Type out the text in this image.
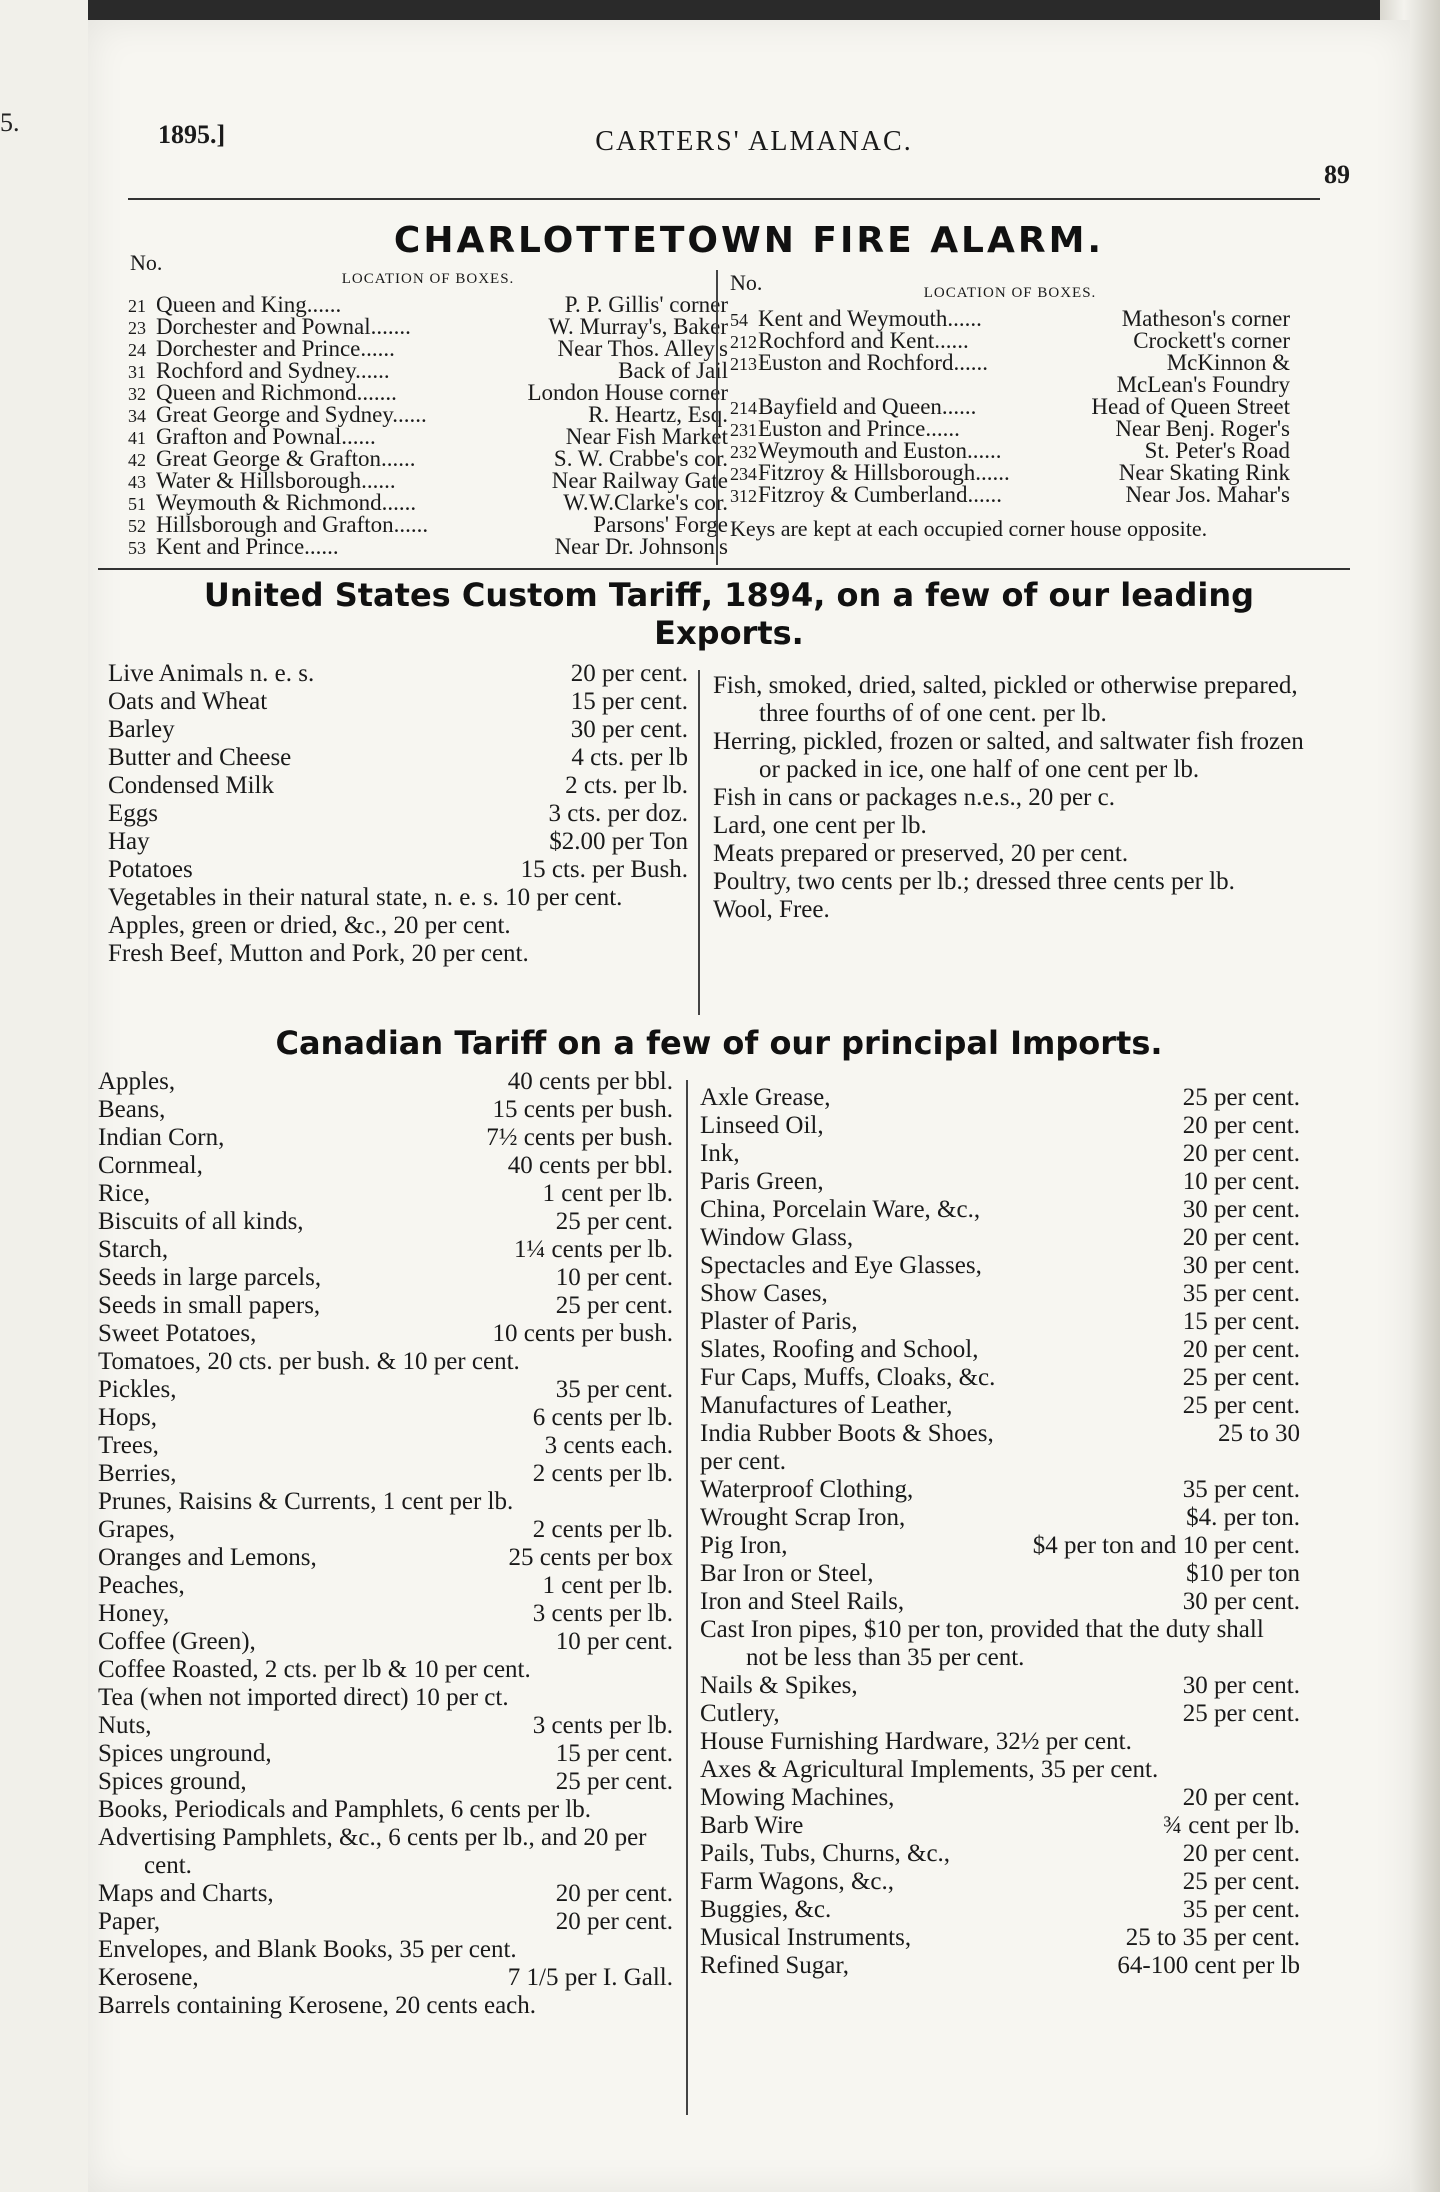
5.	1895.]	CARTERS' ALMANAC.
89
CHARLOTTETOWN FIRE ALARM.
No.
LOCATION OF BOXES.
21 Queen and King......	P. P. Gillis' corner
23 Dorchester and Pownal.......	W. Murray's, Baker
24 Dorchester and Prince......	Near Thos. Alley's
31 Rochford and Sydney......	Back of Jail
32 Queen and Richmond.......	London House corner
34 Great George and Sydney......	R. Heartz, Esq.
41 Grafton and Pownal......	Near Fish Market
42 Great George & Grafton......	S. W. Crabbe's cor.
43 Water & Hillsborough......	Near Railway Gate
51 Weymouth & Richmond......	W.W.Clarke's cor.
52 Hillsborough and Grafton......	Parsons' Forge
53 Kent and Prince......	Near Dr. Johnson's
No.	LOCATION OF BOXES.
54 Kent and Weymouth......	Matheson's corner
212Rochford and Kent......	Crockett's corner
213Euston and Rochford......	McKinnon &
McLean's Foundry
214Bayfield and Queen......	Head of Queen Street
231Euston and Prince......	Near Benj. Roger's
232Weymouth and Euston......	St. Peter's Road
234Fitzroy & Hillsborough......	Near Skating Rink
312Fitzroy & Cumberland......	Near Jos. Mahar's
Keys are kept at each occupied corner house opposite.
United States Custom Tariff, 1894, on a few of our leading
Exports.
Live Animals n. e. s.	20 per cent.
Oats and Wheat	15 per cent.
Barley	30 per cent.
Butter and Cheese	4 cts. per lb
Condensed Milk	2 cts. per lb.
Eggs	3 cts. per doz.
Hay	$2.00 per Ton
Potatoes	15 cts. per Bush.
Vegetables in their natural state, n. e. s. 10 per cent.
Apples, green or dried, &c., 20 per cent.
Fresh Beef, Mutton and Pork, 20 per cent.
Fish, smoked, dried, salted, pickled or otherwise prepared, three fourths of of one cent. per lb.
Herring, pickled, frozen or salted, and saltwater fish frozen or packed in ice, one half of one cent per lb.
Fish in cans or packages n.e.s., 20 per c.
Lard, one cent per lb.
Meats prepared or preserved, 20 per cent.
Poultry, two cents per lb.; dressed three cents per lb.
Wool, Free.
Canadian Tariff on a few of our principal Imports.
Apples,	40 cents per bbl.
Beans,	15 cents per bush.
Indian Corn,	7½ cents per bush.
Cornmeal,	40 cents per bbl.
Rice,	1 cent per lb.
Biscuits of all kinds,	25 per cent.
Starch,	1¼ cents per lb.
Seeds in large parcels,	10 per cent.
Seeds in small papers,	25 per cent.
Sweet Potatoes,	10 cents per bush.
Tomatoes, 20 cts. per bush. & 10 per cent.
Pickles,	35 per cent.
Hops,	6 cents per lb.
Trees,	3 cents each.
Berries,	2 cents per lb.
Prunes, Raisins & Currents, 1 cent per lb.
Grapes,	2 cents per lb.
Oranges and Lemons,	25 cents per box
Peaches,	1 cent per lb.
Honey,	3 cents per lb.
Coffee (Green),	10 per cent.
Coffee Roasted, 2 cts. per lb & 10 per cent.
Tea (when not imported direct) 10 per ct.
Nuts,	3 cents per lb.
Spices unground,	15 per cent.
Spices ground,	25 per cent.
Books, Periodicals and Pamphlets, 6 cents per lb.
Advertising Pamphlets, &c., 6 cents per lb., and 20 per cent.
Maps and Charts,	20 per cent.
Paper,	20 per cent.
Envelopes, and Blank Books, 35 per cent.
Kerosene,	7 1/5 per I. Gall.
Barrels containing Kerosene, 20 cents each.
Axle Grease,	25 per cent.
Linseed Oil,	20 per cent.
Ink,	20 per cent.
Paris Green,	10 per cent.
China, Porcelain Ware, &c.,	30 per cent.
Window Glass,	20 per cent.
Spectacles and Eye Glasses,	30 per cent.
Show Cases,	35 per cent.
Plaster of Paris,	15 per cent.
Slates, Roofing and School,	20 per cent.
Fur Caps, Muffs, Cloaks, &c.	25 per cent.
Manufactures of Leather,	25 per cent.
India Rubber Boots & Shoes,	25 to 30
per cent.
Waterproof Clothing,	35 per cent.
Wrought Scrap Iron,	$4. per ton.
Pig Iron,	$4 per ton and 10 per cent.
Bar Iron or Steel,	$10 per ton
Iron and Steel Rails,	30 per cent.
Cast Iron pipes, $10 per ton, provided that the duty shall not be less than 35 per cent.
Nails & Spikes,	30 per cent.
Cutlery,	25 per cent.
House Furnishing Hardware, 32½ per cent.
Axes & Agricultural Implements, 35 per cent.
Mowing Machines,	20 per cent.
Barb Wire	¾ cent per lb.
Pails, Tubs, Churns, &c.,	20 per cent.
Farm Wagons, &c.,	25 per cent.
Buggies, &c.	35 per cent.
Musical Instruments,	25 to 35 per cent.
Refined Sugar,	64-100 cent per lb
